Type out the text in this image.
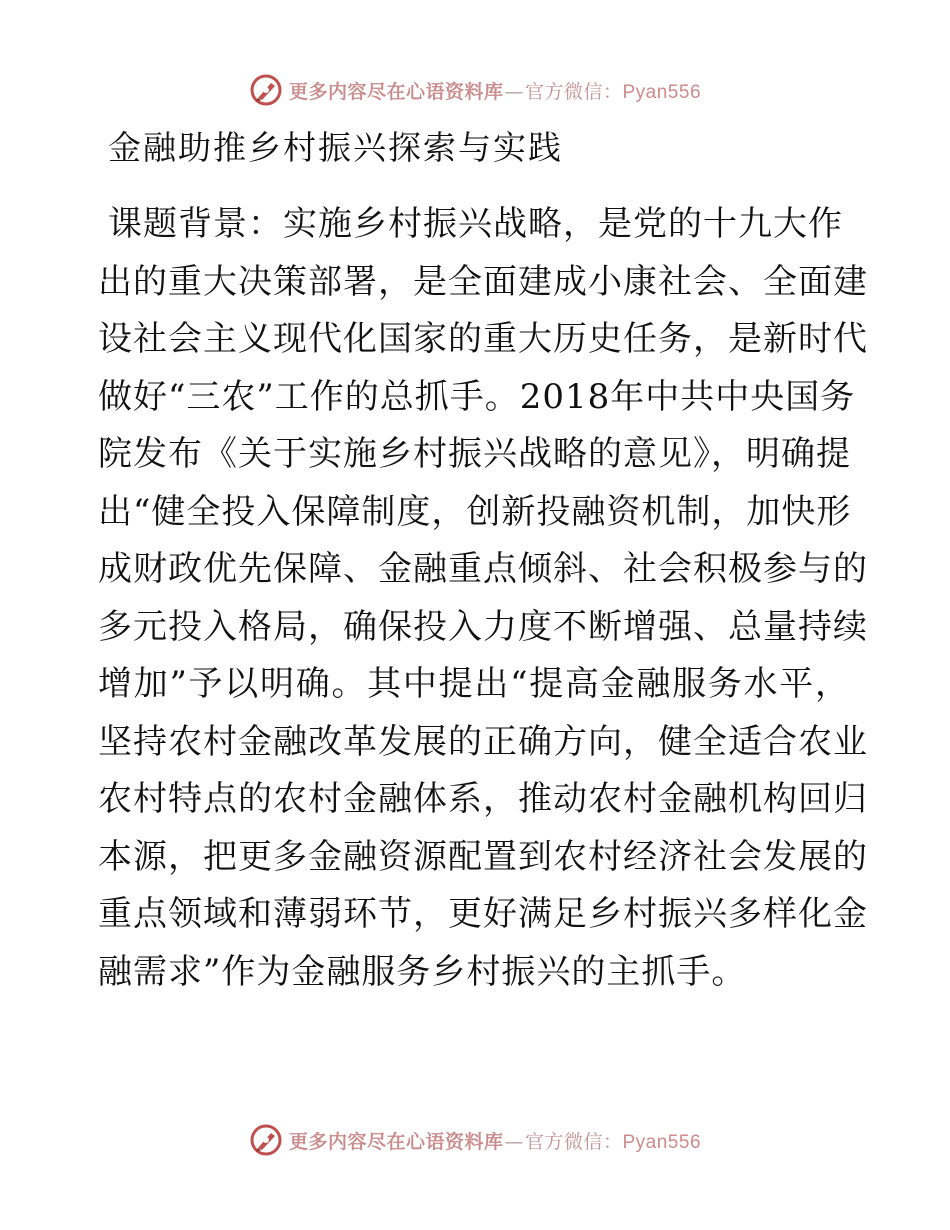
更多内容尽在心语资料库—官方微信：Pyan556
金融助推乡村振兴探索与实践
课题背景：实施乡村振兴战略，是党的十九大作
出的重大决策部署，是全面建成小康社会、全面建
设社会主义现代化国家的重大历史任务，是新时代
做好“三农”工作的总抓手。2018年中共中央国务
院发布《关于实施乡村振兴战略的意见》，明确提
出“健全投入保障制度，创新投融资机制，加快形
成财政优先保障、金融重点倾斜、社会积极参与的
多元投入格局，确保投入力度不断增强、总量持续
增加”予以明确。其中提出“提高金融服务水平，
坚持农村金融改革发展的正确方向，健全适合农业
农村特点的农村金融体系，推动农村金融机构回归
本源，把更多金融资源配置到农村经济社会发展的
重点领域和薄弱环节，更好满足乡村振兴多样化金
融需求”作为金融服务乡村振兴的主抓手。
更多内容尽在心语资料库—官方微信：Pyan556
